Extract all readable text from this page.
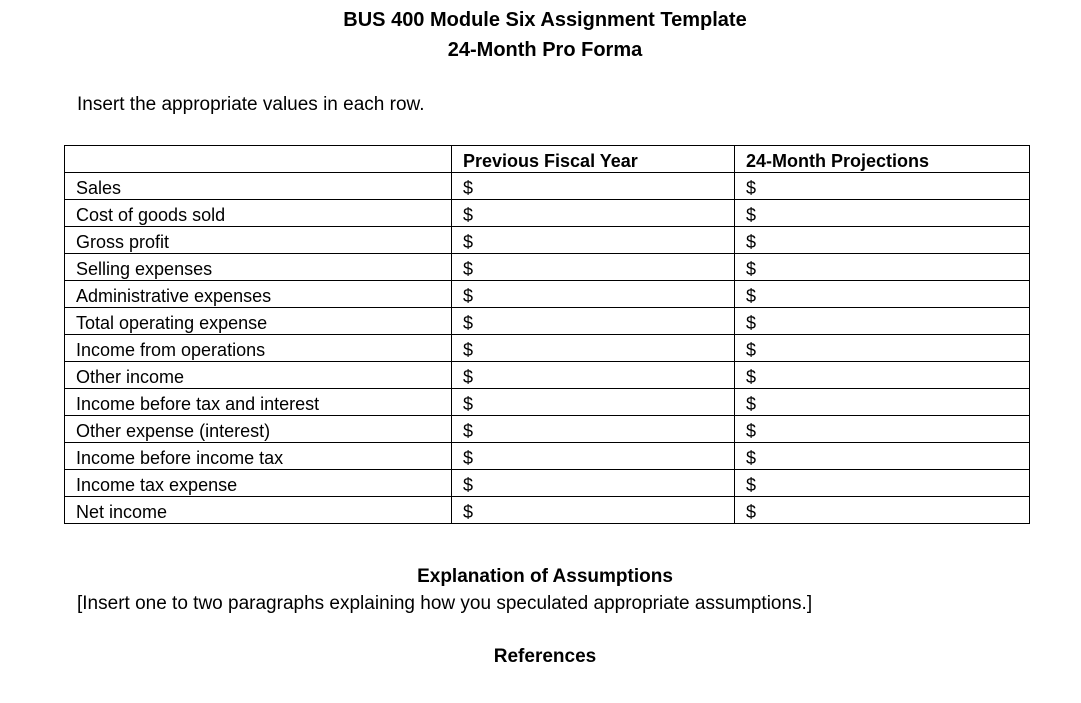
BUS 400 Module Six Assignment Template
24-Month Pro Forma
Insert the appropriate values in each row.
	Previous Fiscal Year	24-Month Projections
Sales	$	$
Cost of goods sold	$	$
Gross profit	$	$
Selling expenses	$	$
Administrative expenses	$	$
Total operating expense	$	$
Income from operations	$	$
Other income	$	$
Income before tax and interest	$	$
Other expense (interest)	$	$
Income before income tax	$	$
Income tax expense	$	$
Net income	$	$
Explanation of Assumptions
[Insert one to two paragraphs explaining how you speculated appropriate assumptions.]
References
